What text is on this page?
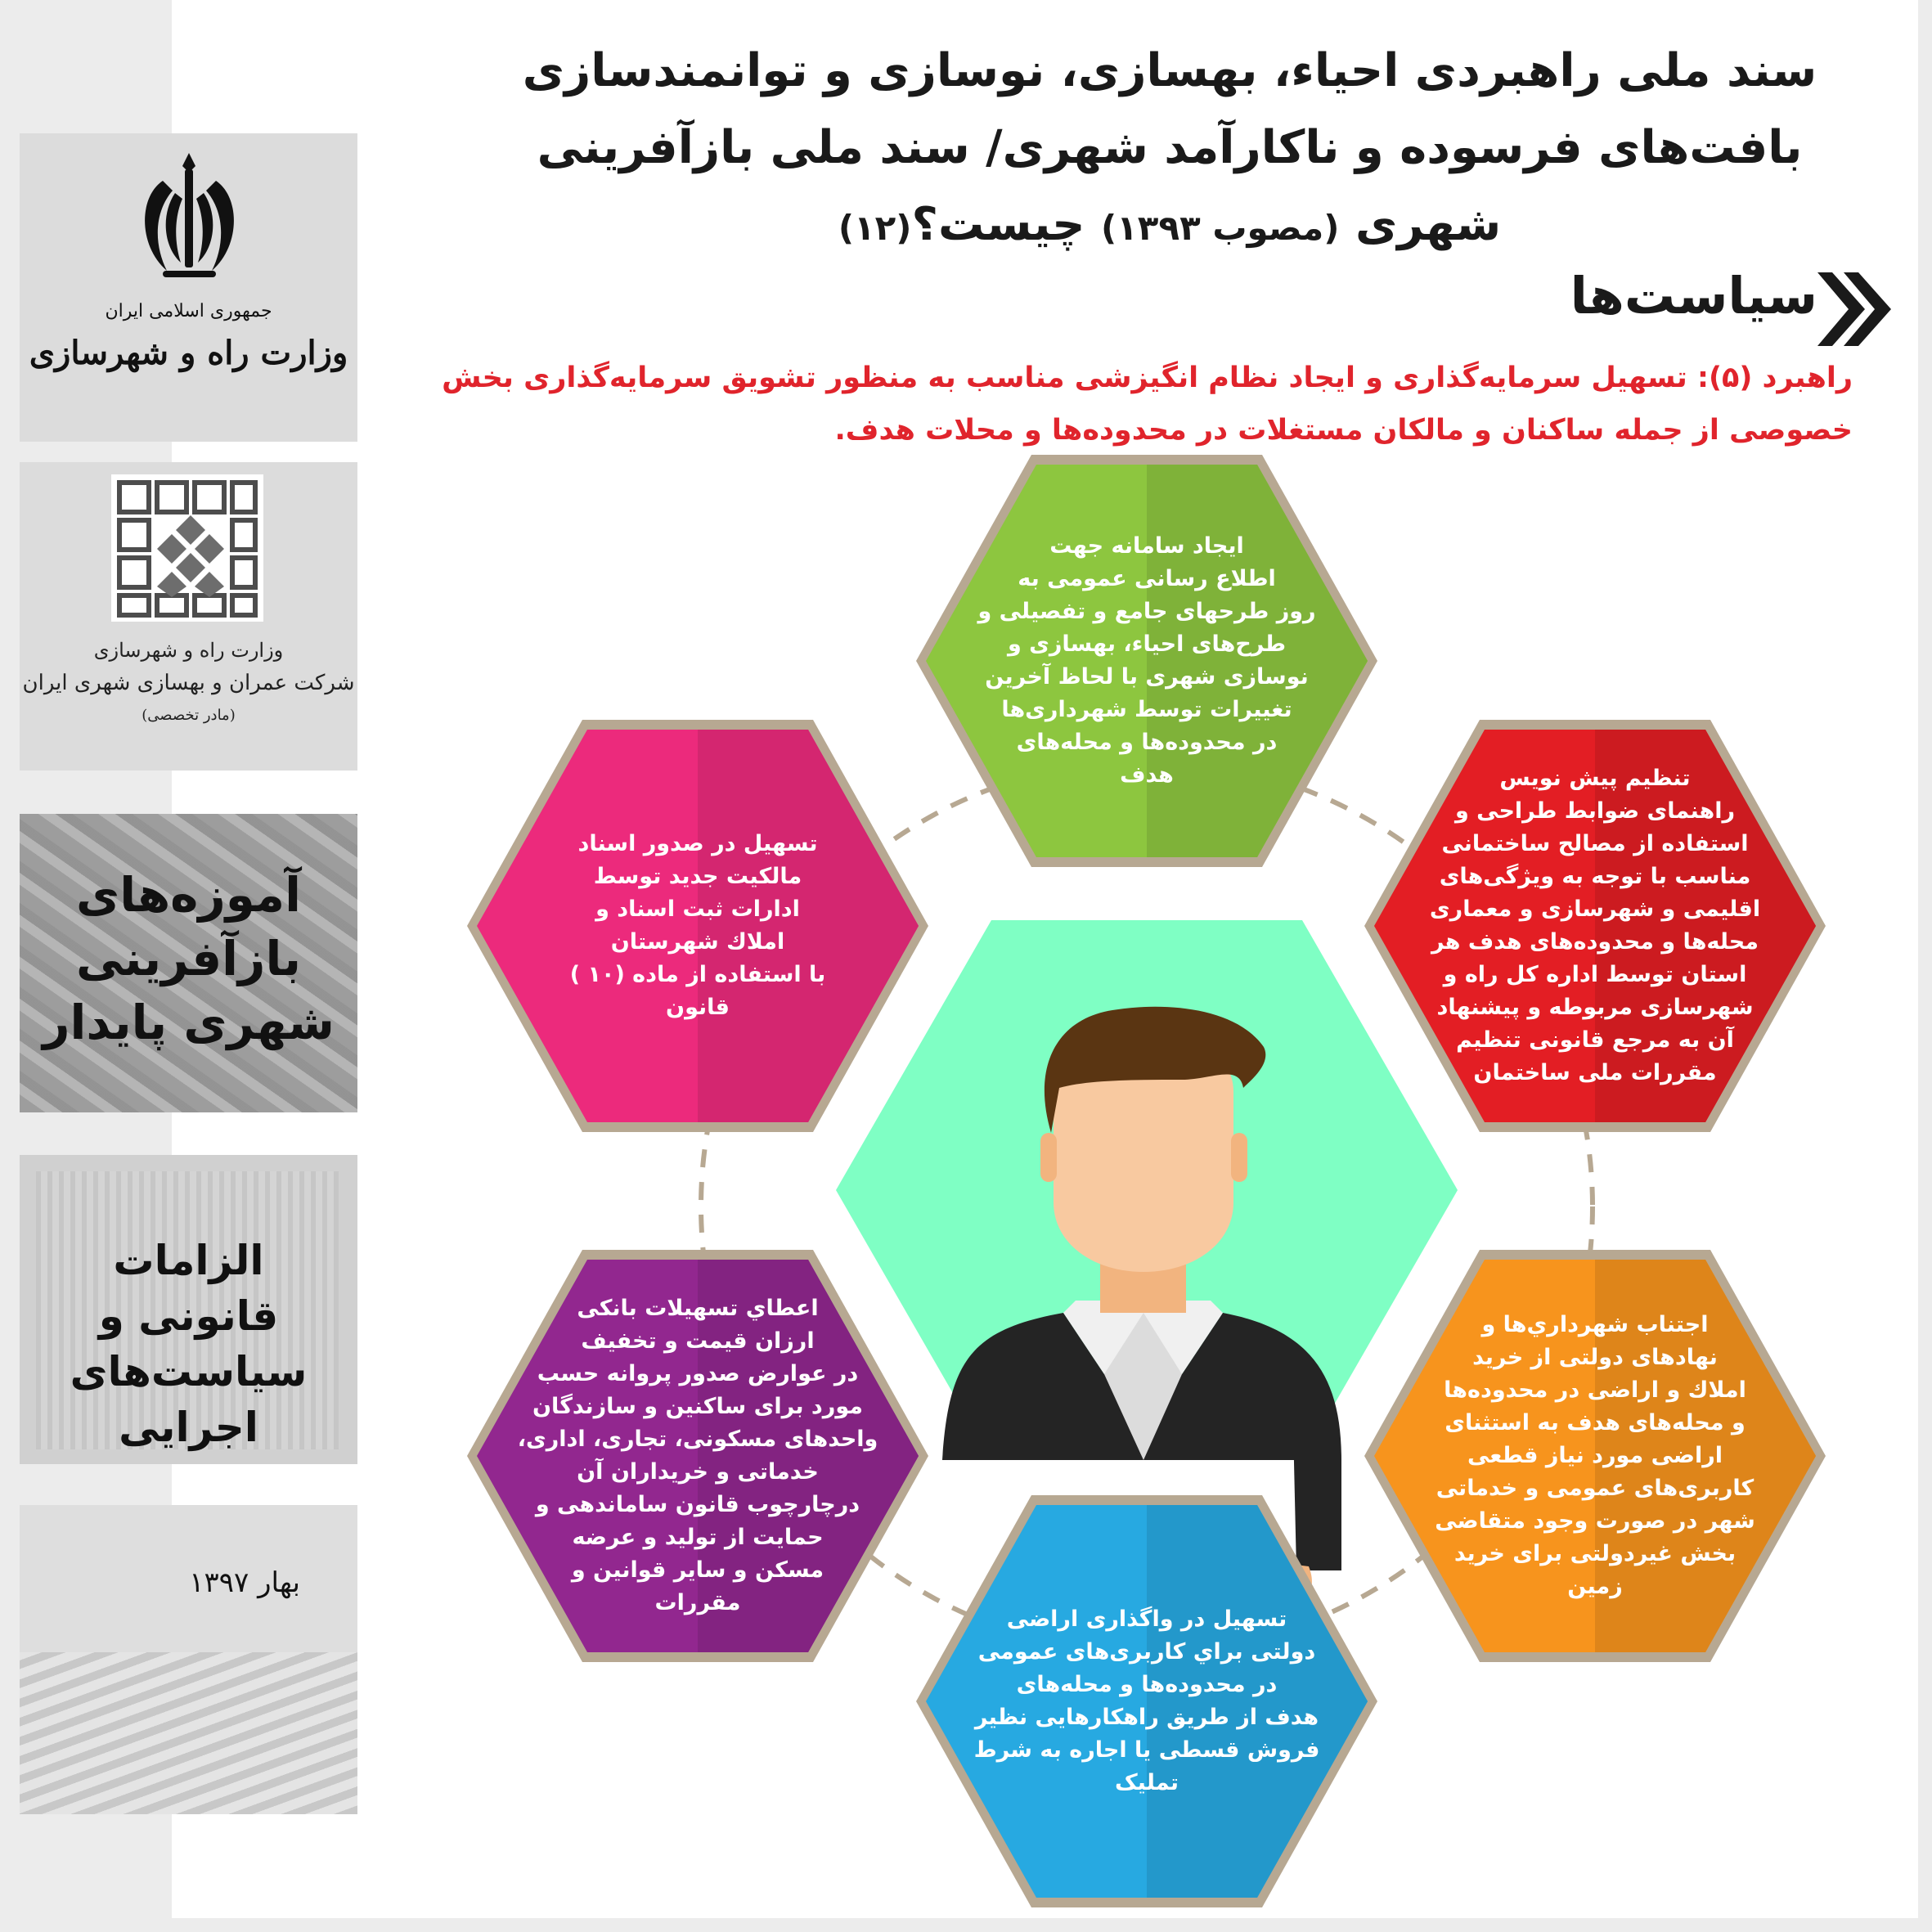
جمهوری اسلامی ایران
وزارت راه و شهرسازی
وزارت راه و شهرسازی
شرکت عمران و بهسازی شهری ایران
(مادر تخصصی)
آموزه‌های بازآفرینی شهری پایدار
الزامات قانونی و سیاست‌های اجرایی
بهار ۱۳۹۷
سند ملی راهبردی احیاء، بهسازی، نوسازی و توانمندسازی
بافت‌های فرسوده و ناکارآمد شهری/ سند ملی بازآفرینی
شهری (مصوب ۱۳۹۳) چیست؟(۱۲)
سیاست‌ها
راهبرد (۵): تسهیل سرمایه‌گذاری و ایجاد نظام انگیزشی مناسب به منظور تشویق سرمایه‌گذاری بخش خصوصی از جمله ساکنان و مالکان مستغلات در محدوده‌ها و محلات هدف.
ایجاد سامانه جهت
اطلاع رسانی عمومی به
روز طرحهای جامع و تفصیلی و
طرح‌های احیاء، بهسازی و
نوسازی شهری با لحاظ آخرین
تغییرات توسط شهرداری‌ها
در محدوده‌ها و محله‌های
هدف	تنظیم پیش نویس
راهنمای ضوابط طراحی و
استفاده از مصالح ساختمانی
مناسب با توجه به ویژگی‌های
اقلیمی و شهرسازی و معماری
محله‌ها و محدوده‌های هدف هر
استان توسط اداره کل راه و
شهرسازی مربوطه و پیشنهاد
آن به مرجع قانونی تنظیم
مقررات ملی ساختمان
اجتناب شهرداري‌ها و
نهادهای دولتی از خرید
املاك و اراضی در محدوده‌ها
و محله‌های هدف به استثنای
اراضی مورد نیاز قطعی
کاربری‌های عمومی و خدماتی
شهر در صورت وجود متقاضی
بخش غیردولتی برای خرید
زمین
تسهیل در واگذاری اراضی
دولتی براي کاربری‌های عمومی
در محدوده‌ها و محله‌های
هدف از طریق راهکارهایی نظیر
فروش قسطی یا اجاره به شرط
تملیک
اعطاي تسهیلات بانکی
ارزان قیمت و تخفیف
در عوارض صدور پروانه حسب
مورد برای ساکنین و سازندگان
واحدهای مسکونی، تجاری، اداری،
خدماتی و خریداران آن
درچارچوب قانون ساماندهی و
حمایت از تولید و عرضه
مسکن و سایر قوانین و
مقررات
تسهیل در صدور اسناد
مالکیت جدید توسط
ادارات ثبت اسناد و
املاك شهرستان
با استفاده از ماده (۱۰ )
قانون
